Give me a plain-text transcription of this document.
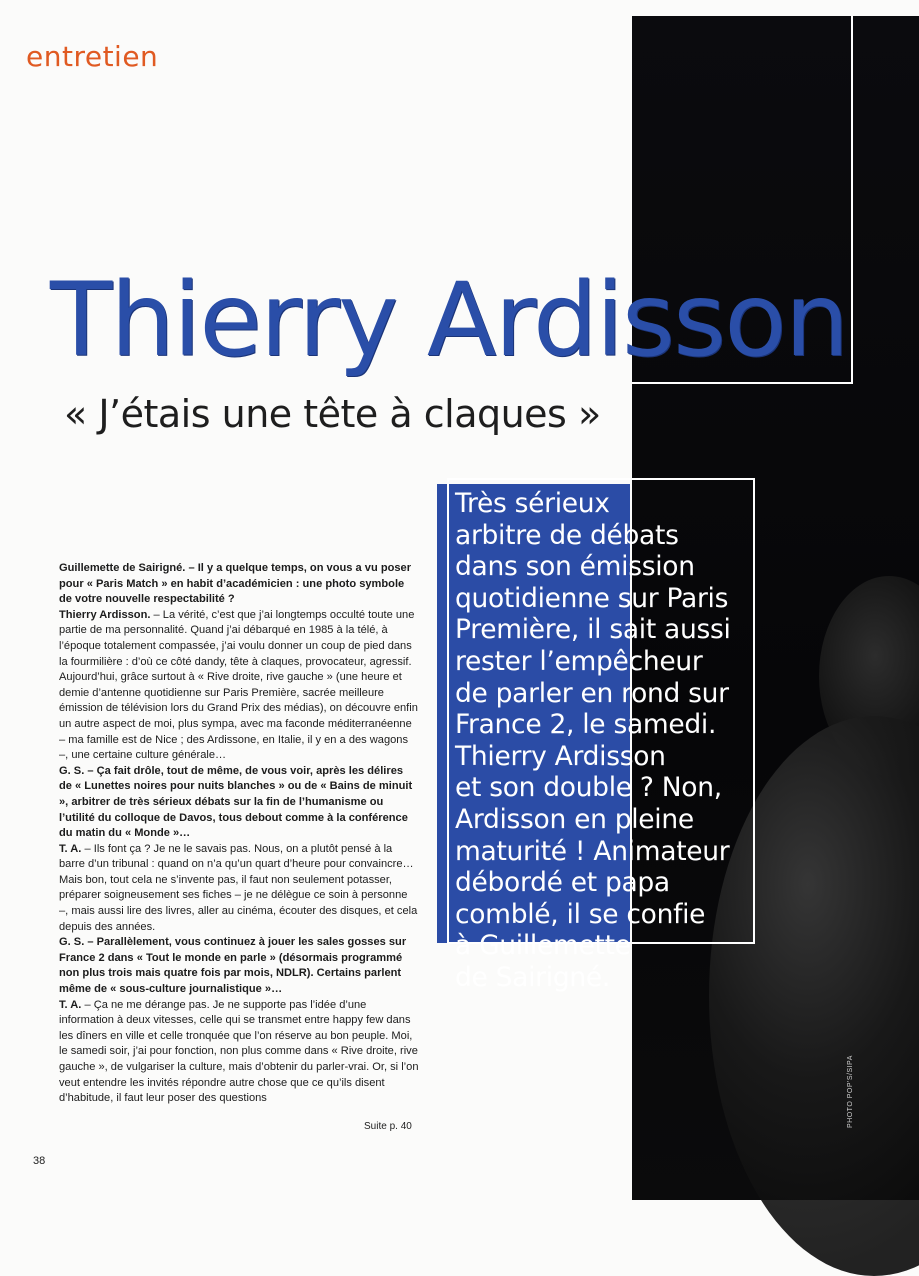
entretien
Thierry Ardisson
« J’étais une tête à claques »
Très sérieux
arbitre de débats
dans son émission
quotidienne sur Paris
Première, il sait aussi
rester l’empêcheur
de parler en rond sur
France 2, le samedi.
Thierry Ardisson
et son double ? Non,
Ardisson en pleine
maturité ! Animateur
débordé et papa
comblé, il se confie
à Guillemette
de Sairigné.

Guillemette de Sairigné. – Il y a quelque temps, on vous a vu poser pour « Paris Match » en habit d’académicien : une photo symbole de votre nouvelle respectabilité ?

Thierry Ardisson. – La vérité, c’est que j’ai longtemps occulté toute une partie de ma personnalité. Quand j’ai débarqué en 1985 à la télé, à l’époque totalement compassée, j’ai voulu donner un coup de pied dans la fourmilière : d’où ce côté dandy, tête à claques, provocateur, agressif. Aujourd’hui, grâce surtout à « Rive droite, rive gauche » (une heure et demie d’antenne quotidienne sur Paris Première, sacrée meilleure émission de télévision lors du Grand Prix des médias), on découvre enfin un autre aspect de moi, plus sympa, avec ma faconde méditerranéenne – ma famille est de Nice ; des Ardissone, en Italie, il y en a des wagons –, une certaine culture générale…

G. S. – Ça fait drôle, tout de même, de vous voir, après les délires de « Lunettes noires pour nuits blanches » ou de « Bains de minuit », arbitrer de très sérieux débats sur la fin de l’humanisme ou l’utilité du colloque de Davos, tous debout comme à la conférence du matin du « Monde »…

T. A. – Ils font ça ? Je ne le savais pas. Nous, on a plutôt pensé à la barre d’un tribunal : quand on n’a qu’un quart d’heure pour convaincre… Mais bon, tout cela ne s’invente pas, il faut non seulement potasser, préparer soigneusement ses fiches – je ne délègue ce soin à personne –, mais aussi lire des livres, aller au cinéma, écouter des disques, et cela depuis des années.

G. S. – Parallèlement, vous continuez à jouer les sales gosses sur France 2 dans « Tout le monde en parle » (désormais programmé non plus trois mais quatre fois par mois, NDLR). Certains parlent même de « sous-culture journalistique »…

T. A. – Ça ne me dérange pas. Je ne supporte pas l’idée d’une information à deux vitesses, celle qui se transmet entre happy few dans les dîners en ville et celle tronquée que l’on réserve au bon peuple. Moi, le samedi soir, j’ai pour fonction, non plus comme dans « Rive droite, rive gauche », de vulgariser la culture, mais d’obtenir du parler-vrai. Or, si l’on veut entendre les invités répondre autre chose que ce qu’ils disent d’habitude, il faut leur poser des questions

Suite p. 40
38
PHOTO POP'S/SIPA
